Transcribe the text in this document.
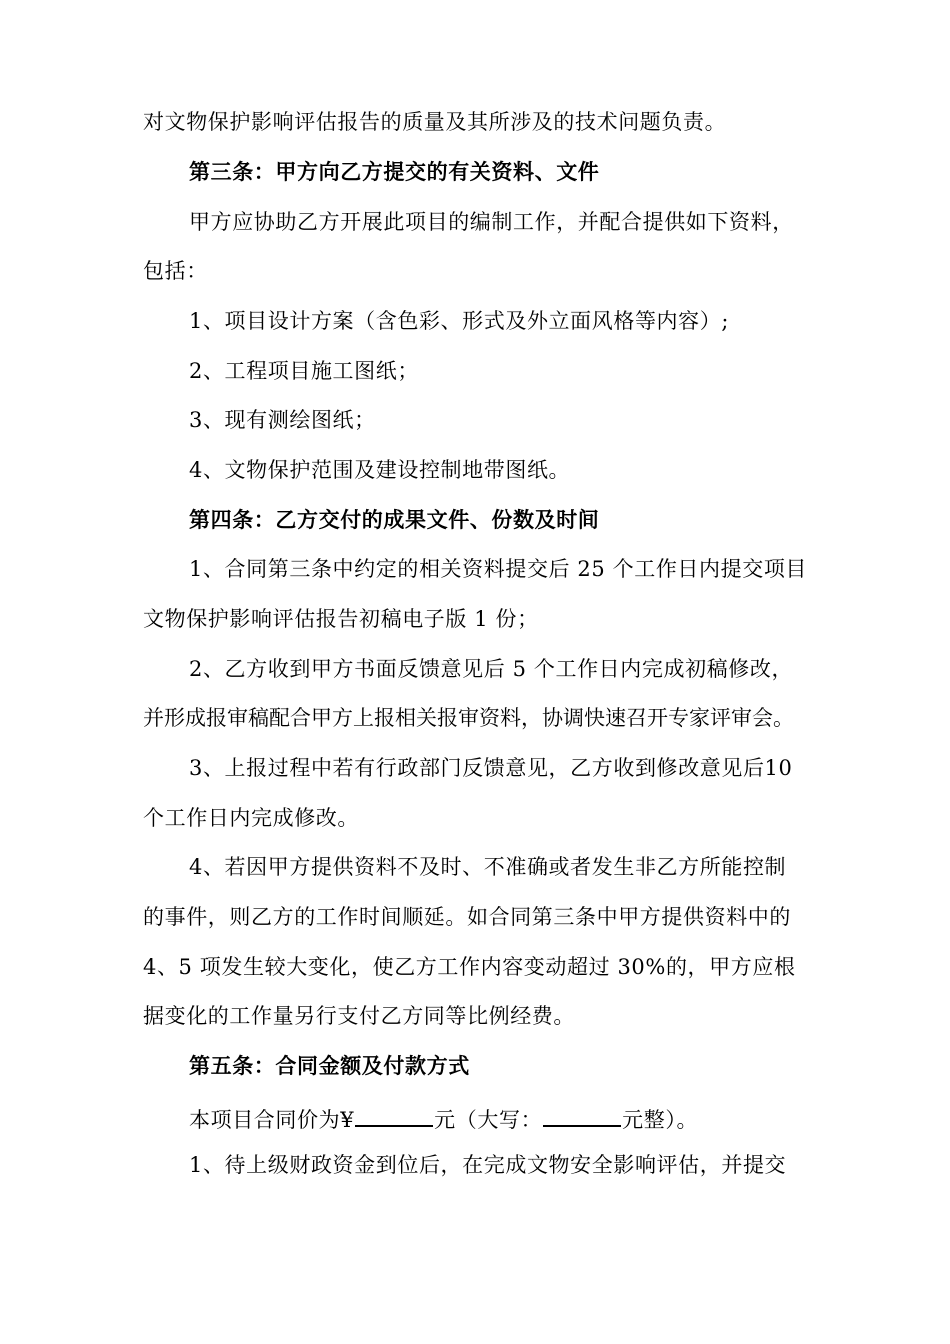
对文物保护影响评估报告的质量及其所涉及的技术问题负责。
第三条：甲方向乙方提交的有关资料、文件
甲方应协助乙方开展此项目的编制工作，并配合提供如下资料，
包括：
1、项目设计方案（含色彩、形式及外立面风格等内容）;
2、工程项目施工图纸；
3、现有测绘图纸；
4、文物保护范围及建设控制地带图纸。
第四条：乙方交付的成果文件、份数及时间
1、合同第三条中约定的相关资料提交后 25 个工作日内提交项目
文物保护影响评估报告初稿电子版 1 份；
2、乙方收到甲方书面反馈意见后 5 个工作日内完成初稿修改，
并形成报审稿配合甲方上报相关报审资料，协调快速召开专家评审会。
3、上报过程中若有行政部门反馈意见，乙方收到修改意见后10
个工作日内完成修改。
4、若因甲方提供资料不及时、不准确或者发生非乙方所能控制
的事件，则乙方的工作时间顺延。如合同第三条中甲方提供资料中的
4、5 项发生较大变化，使乙方工作内容变动超过 30%的，甲方应根
据变化的工作量另行支付乙方同等比例经费。
第五条：合同金额及付款方式
本项目合同价为¥	元（大写：	元整）。
1、待上级财政资金到位后，在完成文物安全影响评估，并提交
